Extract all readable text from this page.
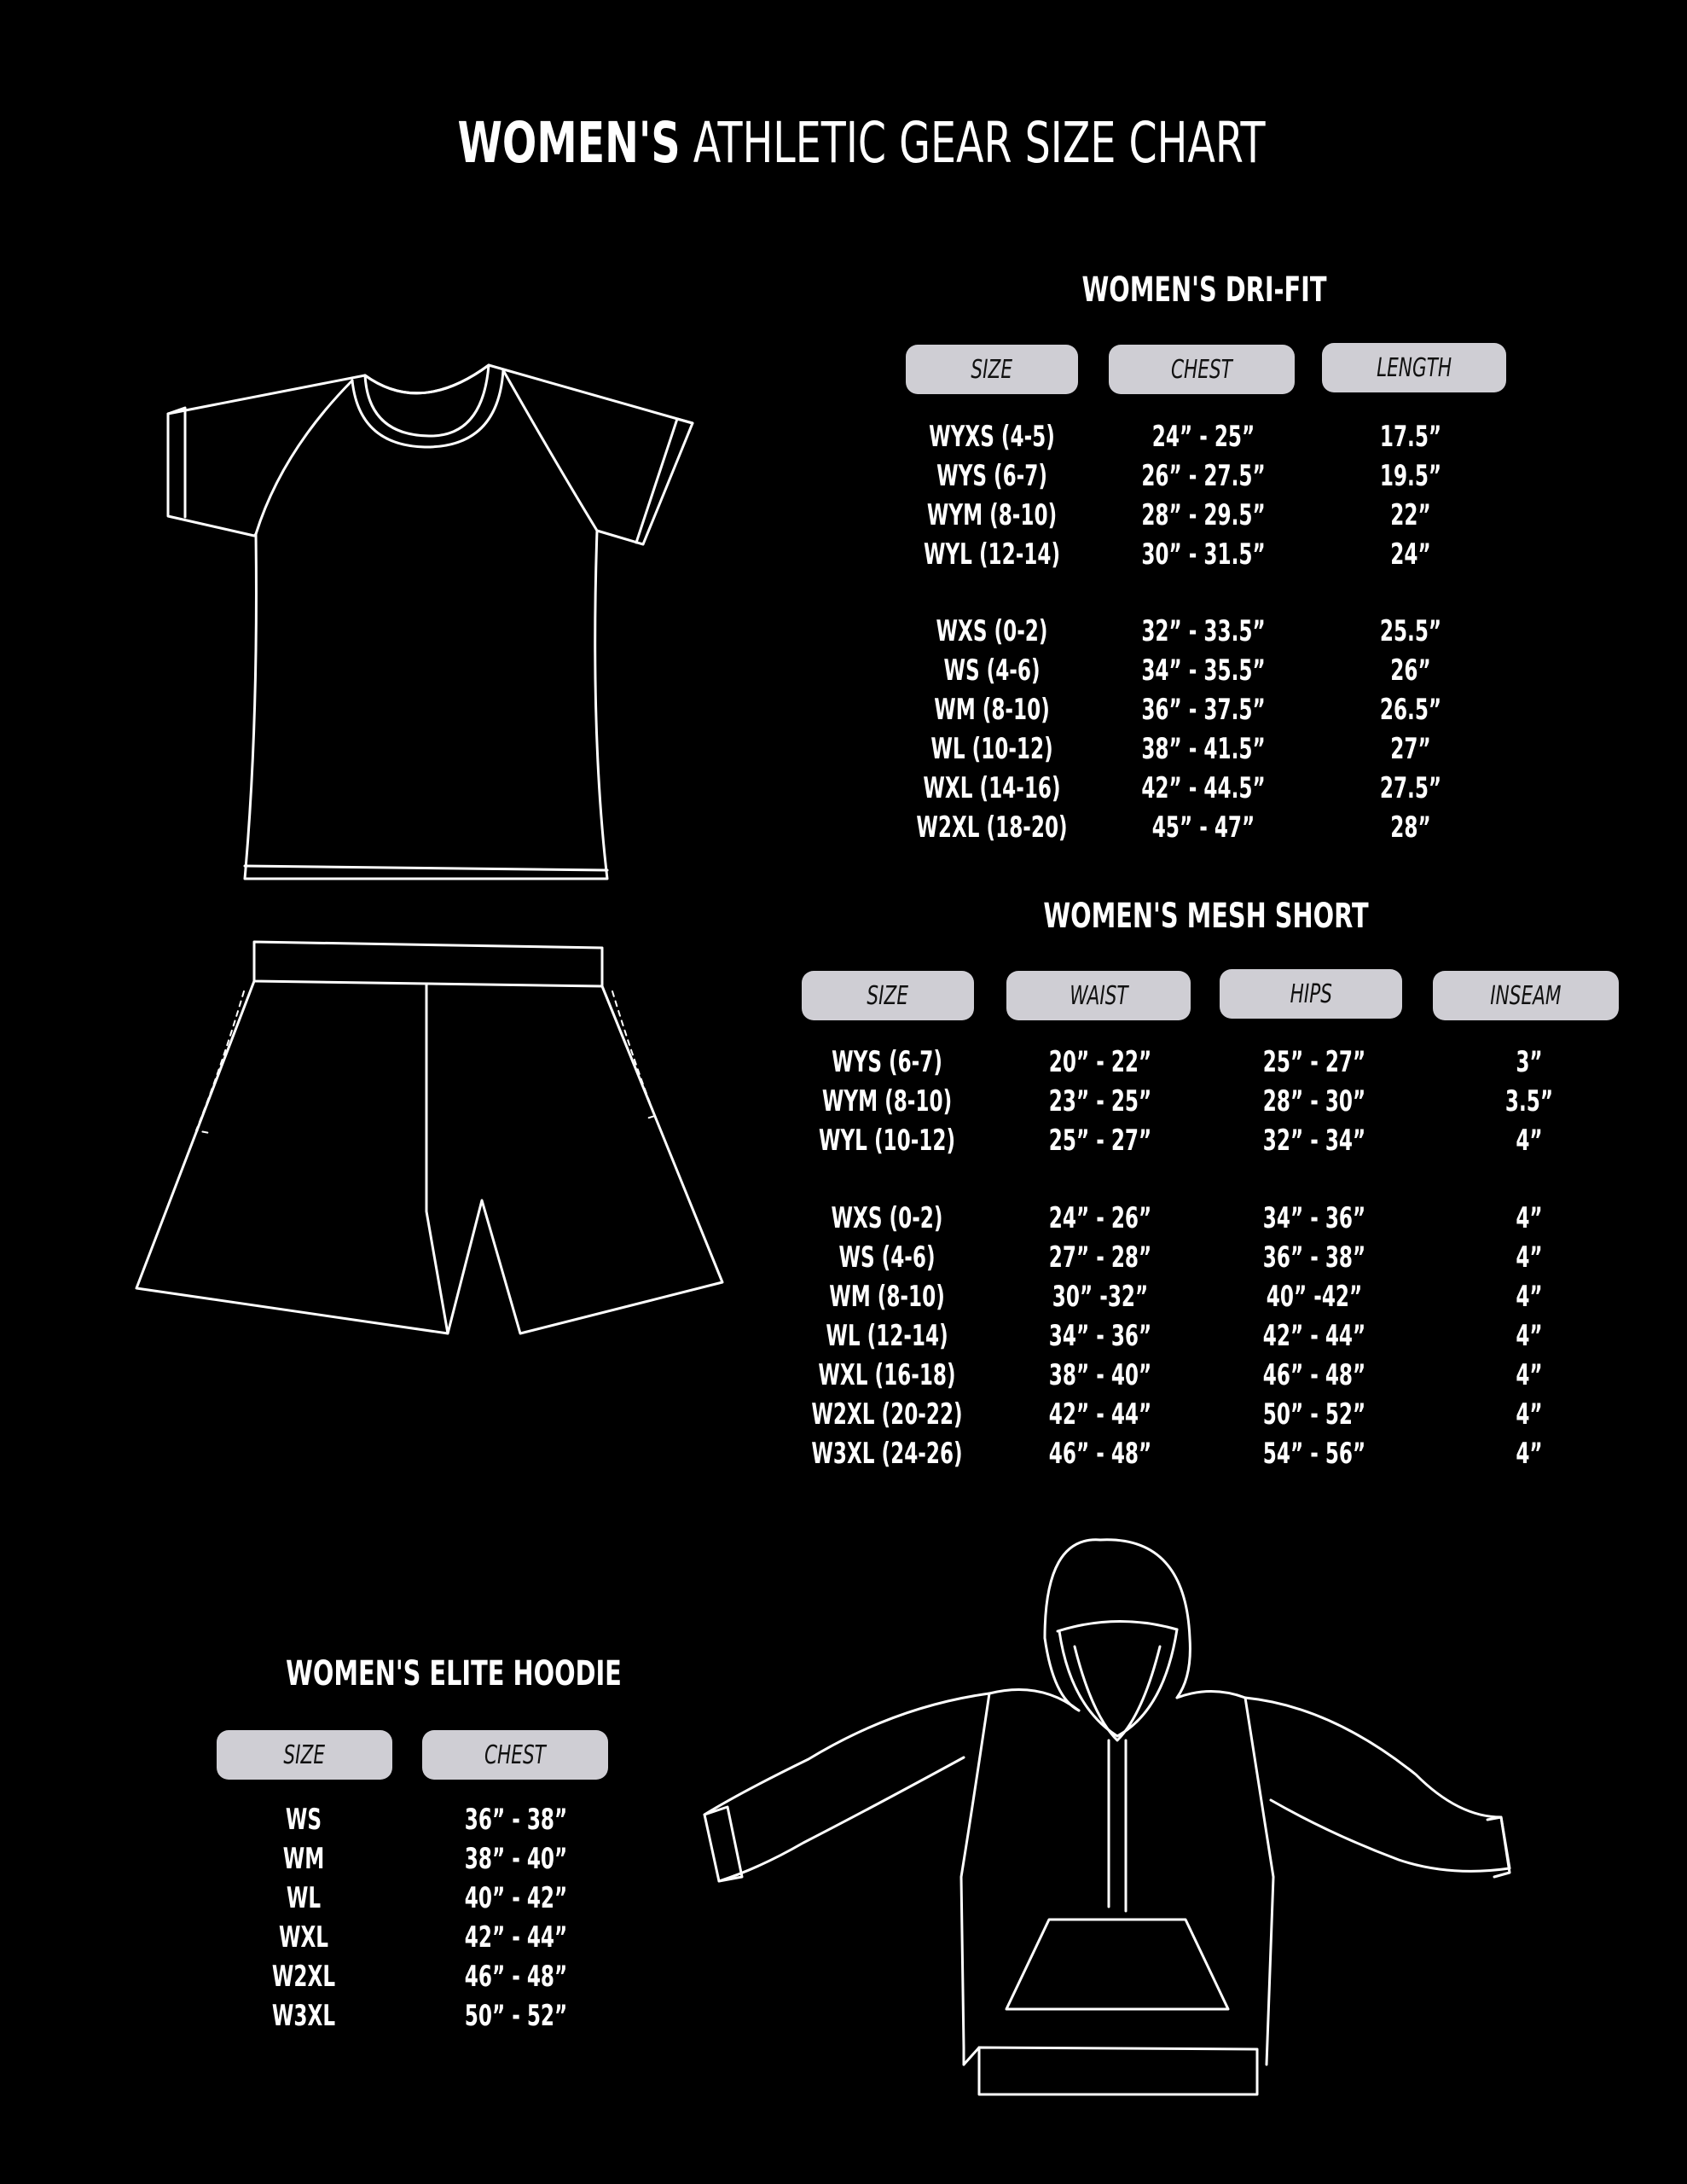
WOMEN'S ATHLETIC GEAR SIZE CHART
WOMEN'S DRI-FIT
SIZE	CHEST	LENGTH
WYXS (4-5)	24” - 25”	17.5”
WYS (6-7)	26” - 27.5”	19.5”
WYM (8-10)	28” - 29.5”	22”
WYL (12-14)	30” - 31.5”	24”
WXS (0-2)	32” - 33.5”	25.5”
WS (4-6)	34” - 35.5”	26”
WM (8-10)	36” - 37.5”	26.5”
WL (10-12)	38” - 41.5”	27”
WXL (14-16)	42” - 44.5”	27.5”
W2XL (18-20)	45” - 47”	28”
WOMEN'S MESH SHORT
SIZE	WAIST	HIPS	INSEAM
WYS (6-7)	20” - 22”	25” - 27”	3”
WYM (8-10)	23” - 25”	28” - 30”	3.5”
WYL (10-12)	25” - 27”	32” - 34”	4”
WXS (0-2)	24” - 26”	34” - 36”	4”
WS (4-6)	27” - 28”	36” - 38”	4”
WM (8-10)	30” -32”	40” -42”	4”
WL (12-14)	34” - 36”	42” - 44”	4”
WXL (16-18)	38” - 40”	46” - 48”	4”
W2XL (20-22)	42” - 44”	50” - 52”	4”
W3XL (24-26)	46” - 48”	54” - 56”	4”
WOMEN'S ELITE HOODIE
SIZE	CHEST
WS	36” - 38”
WM	38” - 40”
WL	40” - 42”
WXL	42” - 44”
W2XL	46” - 48”
W3XL	50” - 52”
